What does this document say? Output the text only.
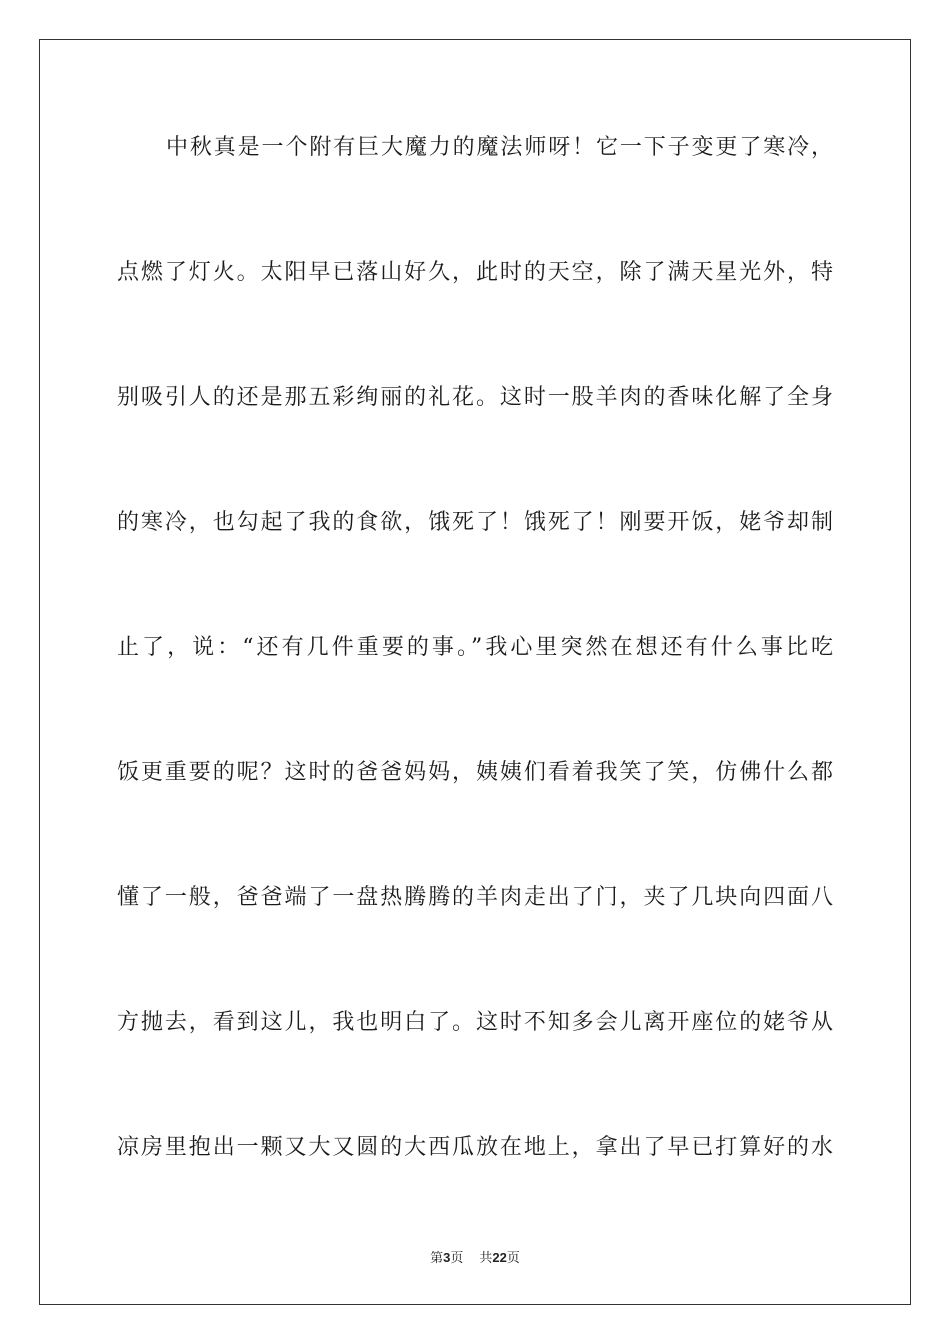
中秋真是一个附有巨大魔力的魔法师呀！它一下子变更了寒冷，
点燃了灯火。太阳早已落山好久，此时的天空，除了满天星光外，特
别吸引人的还是那五彩绚丽的礼花。这时一股羊肉的香味化解了全身
的寒冷，也勾起了我的食欲，饿死了！饿死了！刚要开饭，姥爷却制
止了，说：“还有几件重要的事。”我心里突然在想还有什么事比吃
饭更重要的呢？这时的爸爸妈妈，姨姨们看着我笑了笑，仿佛什么都
懂了一般，爸爸端了一盘热腾腾的羊肉走出了门，夹了几块向四面八
方抛去，看到这儿，我也明白了。这时不知多会儿离开座位的姥爷从
凉房里抱出一颗又大又圆的大西瓜放在地上，拿出了早已打算好的水
第3页 共22页
